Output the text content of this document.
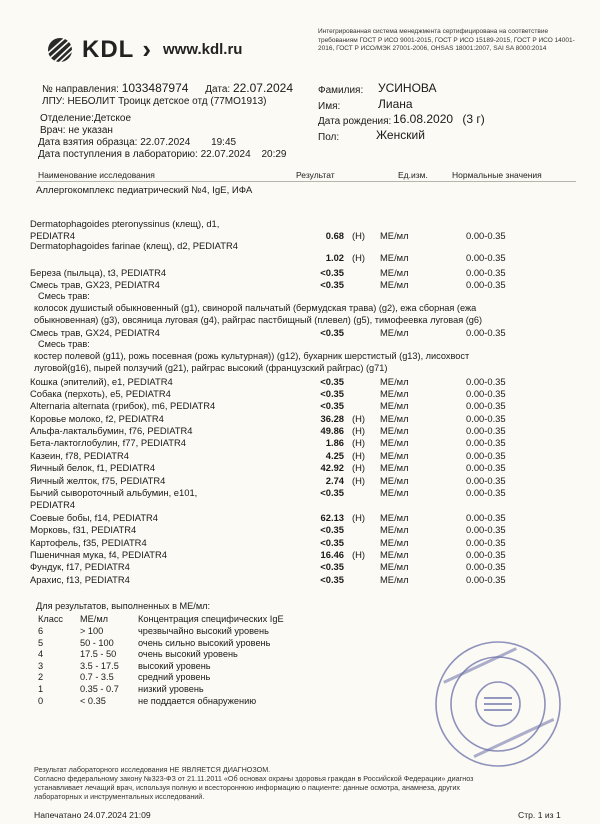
KDL › www.kdl.ru
Интегрированная система менеджмента сертифицирована на соответствие требованиям ГОСТ Р ИСО 9001-2015, ГОСТ Р ИСО 15189-2015, ГОСТ Р ИСО 14001-2016, ГОСТ Р ИСО/МЭК 27001-2006, OHSAS 18001:2007, SAI SA 8000:2014
№ направления: 1033487974 Дата: 22.07.2024
ЛПУ: НЕБОЛИТ Троицк детское отд (77МО1913)
Отделение:Детское
Врач: не указан
Дата взятия образца: 22.07.2024 19:45
Дата поступления в лабораторию: 22.07.2024 20:29
Фамилия: УСИНОВА
Имя:	Лиана
Дата рождения: 16.08.2020 (3 г)
Пол:	Женский
Наименование исследования	Результат	Ед.изм.	Нормальные значения
Аллергокомплекс педиатрический №4, IgE, ИФА
Dermatophagoides pteronyssinus (клещ), d1, PEDIATR4	0.68 (H)	МЕ/мл	0.00-0.35
Dermatophagoides farinae (клещ), d2, PEDIATR4
1.02 (H)	МЕ/мл	0.00-0.35
Береза (пыльца), t3, PEDIATR4	<0.35	МЕ/мл	0.00-0.35
Смесь трав, GX23, PEDIATR4	<0.35	МЕ/мл	0.00-0.35
Смесь трав, GX24, PEDIATR4	<0.35	МЕ/мл	0.00-0.35
Кошка (эпителий), e1, PEDIATR4	<0.35	МЕ/мл	0.00-0.35
Собака (перхоть), e5, PEDIATR4	<0.35	МЕ/мл	0.00-0.35
Alternaria alternata (грибок), m6, PEDIATR4	<0.35	МЕ/мл	0.00-0.35
Коровье молоко, f2, PEDIATR4	36.28 (H)	МЕ/мл	0.00-0.35
Альфа-лактальбумин, f76, PEDIATR4	49.86 (H)	МЕ/мл	0.00-0.35
Бета-лактоглобулин, f77, PEDIATR4	1.86 (H)	МЕ/мл	0.00-0.35
Казеин, f78, PEDIATR4	4.25 (H)	МЕ/мл	0.00-0.35
Яичный белок, f1, PEDIATR4	42.92 (H)	МЕ/мл	0.00-0.35
Яичный желток, f75, PEDIATR4	2.74 (H)	МЕ/мл	0.00-0.35
Бычий сывороточный альбумин, e101, PEDIATR4
<0.35	МЕ/мл	0.00-0.35
Соевые бобы, f14, PEDIATR4	62.13 (H)	МЕ/мл	0.00-0.35
Морковь, f31, PEDIATR4	<0.35	МЕ/мл	0.00-0.35
Картофель, f35, PEDIATR4	<0.35	МЕ/мл	0.00-0.35
Пшеничная мука, f4, PEDIATR4	16.46 (H)	МЕ/мл	0.00-0.35
Фундук, f17, PEDIATR4	<0.35	МЕ/мл	0.00-0.35
Арахис, f13, PEDIATR4	<0.35	МЕ/мл	0.00-0.35
Смесь трав:
колосок душистый обыкновенный (g1), свинорой пальчатый (бермудская трава) (g2), ежа сборная (ежа
обыкновенная) (g3), овсяница луговая (g4), райграс пастбищный (плевел) (g5), тимофеевка луговая (g6)
Смесь трав:
костер полевой (g11), рожь посевная (рожь культурная)) (g12), бухарник шерстистый (g13), лисохвост
луговой(g16), пырей ползучий (g21), райграс высокий (французский райграс) (g71)
Для результатов, выполненных в МЕ/мл:
Класс МЕ/мл	Концентрация специфических IgE
6	> 100	чрезвычайно высокий уровень
5	50 - 100	очень сильно высокий уровень
4	17.5 - 50	очень высокий уровень
3	3.5 - 17.5	высокий уровень
2	0.7 - 3.5	средний уровень
1	0.35 - 0.7	низкий уровень
0	< 0.35	не поддается обнаружению
Результат лабораторного исследования НЕ ЯВЛЯЕТСЯ ДИАГНОЗОМ.
Согласно федеральному закону №323-ФЗ от 21.11.2011 «Об основах охраны здоровья граждан в Российской Федерации» диагноз
устанавливает лечащий врач, используя полную и всестороннюю информацию о пациенте: данные осмотра, анамнеза, других
лабораторных и инструментальных исследований.
Напечатано 24.07.2024 21:09	Стр. 1 из 1
